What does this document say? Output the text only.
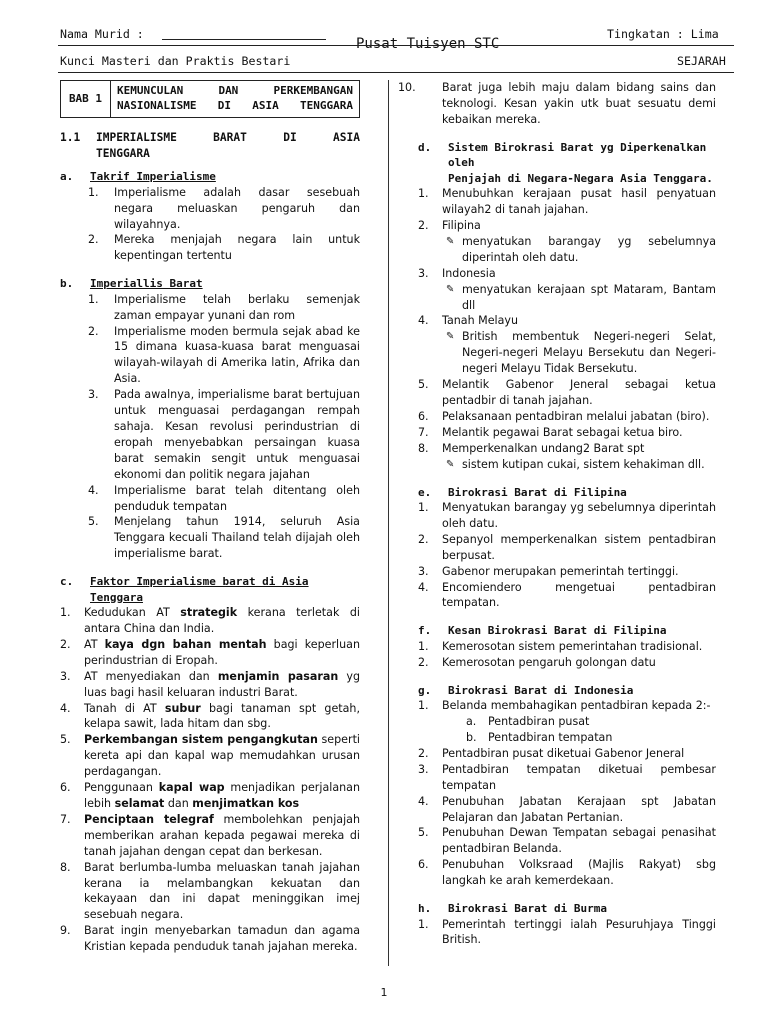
Nama Murid :
Pusat Tuisyen STC
Tingkatan : Lima
Kunci Masteri dan Praktis Bestari	SEJARAH
BAB 1
KEMUNCULAN DAN PERKEMBANGAN
NASIONALISME DI ASIA TENGGARA
1.1	IMPERIALISME BARAT DI ASIA
TENGGARA
a.	Takrif Imperialisme
1.	Imperialisme adalah dasar sesebuah negara meluaskan pengaruh dan wilayahnya.
2.	Mereka menjajah negara lain untuk kepentingan tertentu
b.	Imperiallis Barat
1.	Imperialisme telah berlaku semenjak zaman empayar yunani dan rom
2.	Imperialisme moden bermula sejak abad ke 15 dimana kuasa-kuasa barat menguasai wilayah-wilayah di Amerika latin, Afrika dan Asia.
3.	Pada awalnya, imperialisme barat bertujuan untuk menguasai perdagangan rempah sahaja. Kesan revolusi perindustrian di eropah menyebabkan persaingan kuasa barat semakin sengit untuk menguasai ekonomi dan politik negara jajahan
4.	Imperialisme barat telah ditentang oleh penduduk tempatan
5.	Menjelang tahun 1914, seluruh Asia Tenggara kecuali Thailand telah dijajah oleh imperialisme barat.
c.	Faktor Imperialisme barat di Asia Tenggara
1.	Kedudukan AT strategik kerana terletak di antara China dan India.
2.	AT kaya dgn bahan mentah bagi keperluan perindustrian di Eropah.
3.	AT menyediakan dan menjamin pasaran yg luas bagi hasil keluaran industri Barat.
4.	Tanah di AT subur bagi tanaman spt getah, kelapa sawit, lada hitam dan sbg.
5.	Perkembangan sistem pengangkutan seperti kereta api dan kapal wap memudahkan urusan perdagangan.
6.	Penggunaan kapal wap menjadikan perjalanan lebih selamat dan menjimatkan kos
7.	Penciptaan telegraf membolehkan penjajah memberikan arahan kepada pegawai mereka di tanah jajahan dengan cepat dan berkesan.
8.	Barat berlumba-lumba meluaskan tanah jajahan kerana ia melambangkan kekuatan dan kekayaan dan ini dapat meninggikan imej sesebuah negara.
9.	Barat ingin menyebarkan tamadun dan agama Kristian kepada penduduk tanah jajahan mereka.
10.	Barat juga lebih maju dalam bidang sains dan teknologi. Kesan yakin utk buat sesuatu demi kebaikan mereka.
d.	Sistem Birokrasi Barat yg Diperkenalkan oleh
Penjajah di Negara-Negara Asia Tenggara.
1.	Menubuhkan kerajaan pusat hasil penyatuan wilayah2 di tanah jajahan.
2.	Filipina
✎ menyatukan barangay yg sebelumnya diperintah oleh datu.
3.	Indonesia
✎ menyatukan kerajaan spt Mataram, Bantam dll
4.	Tanah Melayu
✎ British membentuk Negeri-negeri Selat, Negeri-negeri Melayu Bersekutu dan Negeri-negeri Melayu Tidak Bersekutu.
5.	Melantik Gabenor Jeneral sebagai ketua pentadbir di tanah jajahan.
6.	Pelaksanaan pentadbiran melalui jabatan (biro).
7.	Melantik pegawai Barat sebagai ketua biro.
8.	Memperkenalkan undang2 Barat spt
✎ sistem kutipan cukai, sistem kehakiman dll.
e.	Birokrasi Barat di Filipina
1.	Menyatukan barangay yg sebelumnya diperintah oleh datu.
2.	Sepanyol memperkenalkan sistem pentadbiran berpusat.
3.	Gabenor merupakan pemerintah tertinggi.
4.	Encomiendero mengetuai pentadbiran tempatan.
f.	Kesan Birokrasi Barat di Filipina
1.	Kemerosotan sistem pemerintahan tradisional.
2.	Kemerosotan pengaruh golongan datu
g.	Birokrasi Barat di Indonesia
1.	Belanda membahagikan pentadbiran kepada 2:-
a.	Pentadbiran pusat
b.	Pentadbiran tempatan
2.	Pentadbiran pusat diketuai Gabenor Jeneral
3.	Pentadbiran tempatan diketuai pembesar tempatan
4.	Penubuhan Jabatan Kerajaan spt Jabatan Pelajaran dan Jabatan Pertanian.
5.	Penubuhan Dewan Tempatan sebagai penasihat pentadbiran Belanda.
6.	Penubuhan Volksraad (Majlis Rakyat) sbg langkah ke arah kemerdekaan.
h.	Birokrasi Barat di Burma
1.	Pemerintah tertinggi ialah Pesuruhjaya Tinggi British.
1
